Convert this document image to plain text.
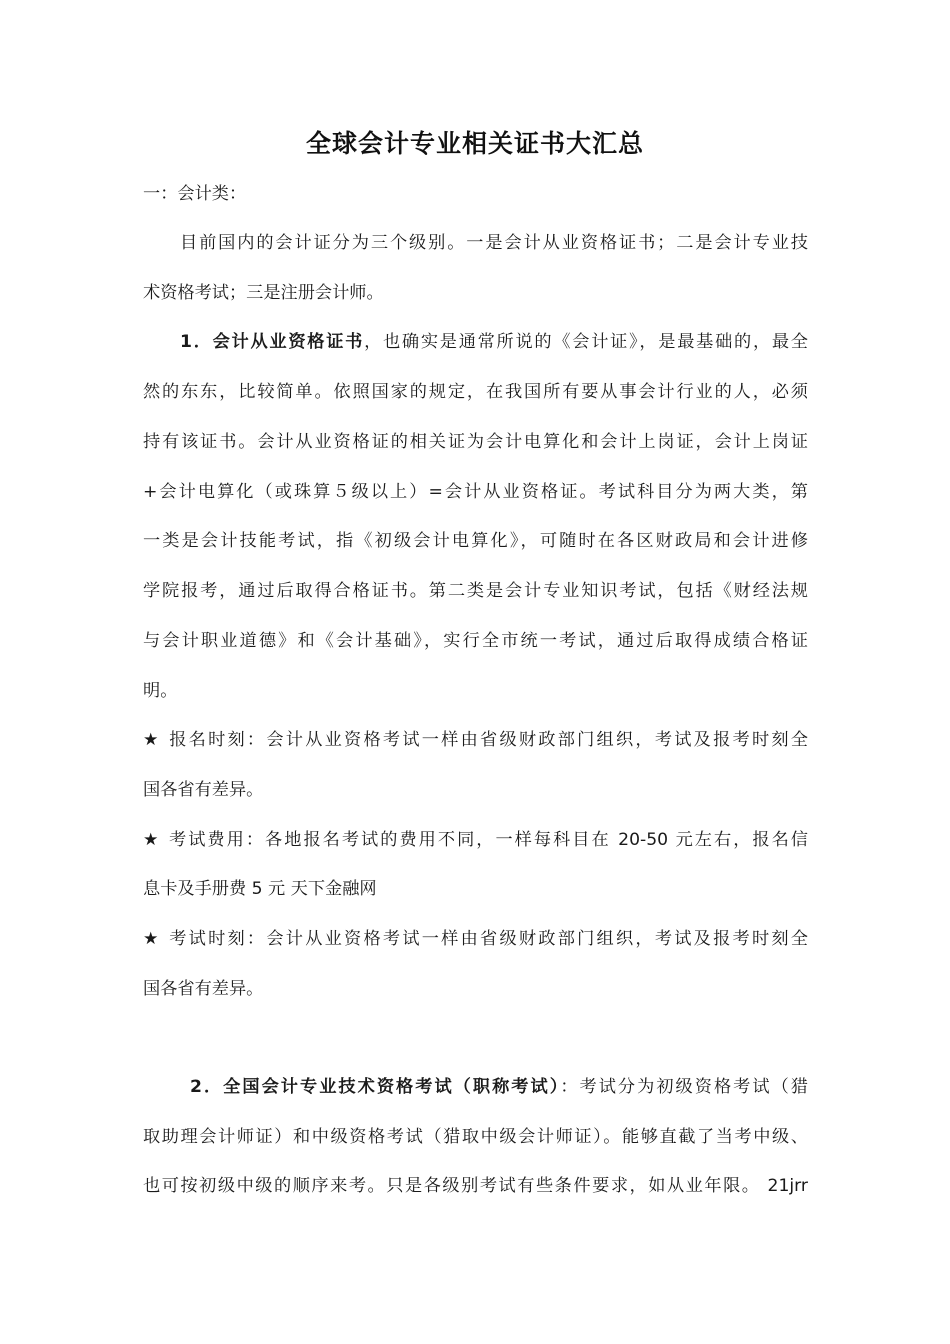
全球会计专业相关证书大汇总
一：会计类：
目前国内的会计证分为三个级别。一是会计从业资格证书；二是会计专业技
术资格考试；三是注册会计师。
1．会计从业资格证书，也确实是通常所说的《会计证》，是最基础的，最全
然的东东，比较简单。依照国家的规定，在我国所有要从事会计行业的人，必须
持有该证书。会计从业资格证的相关证为会计电算化和会计上岗证，会计上岗证
+会计电算化（或珠算５级以上）=会计从业资格证。考试科目分为两大类，第
一类是会计技能考试，指《初级会计电算化》，可随时在各区财政局和会计进修
学院报考，通过后取得合格证书。第二类是会计专业知识考试，包括《财经法规
与会计职业道德》和《会计基础》，实行全市统一考试，通过后取得成绩合格证
明。
★ 报名时刻：会计从业资格考试一样由省级财政部门组织，考试及报考时刻全
国各省有差异。
★ 考试费用：各地报名考试的费用不同，一样每科目在 20-50 元左右，报名信
息卡及手册费 5 元 天下金融网
★ 考试时刻：会计从业资格考试一样由省级财政部门组织，考试及报考时刻全
国各省有差异。
2．全国会计专业技术资格考试（职称考试）：考试分为初级资格考试（猎
取助理会计师证）和中级资格考试（猎取中级会计师证）。能够直截了当考中级、
也可按初级中级的顺序来考。只是各级别考试有些条件要求，如从业年限。 21jrr
